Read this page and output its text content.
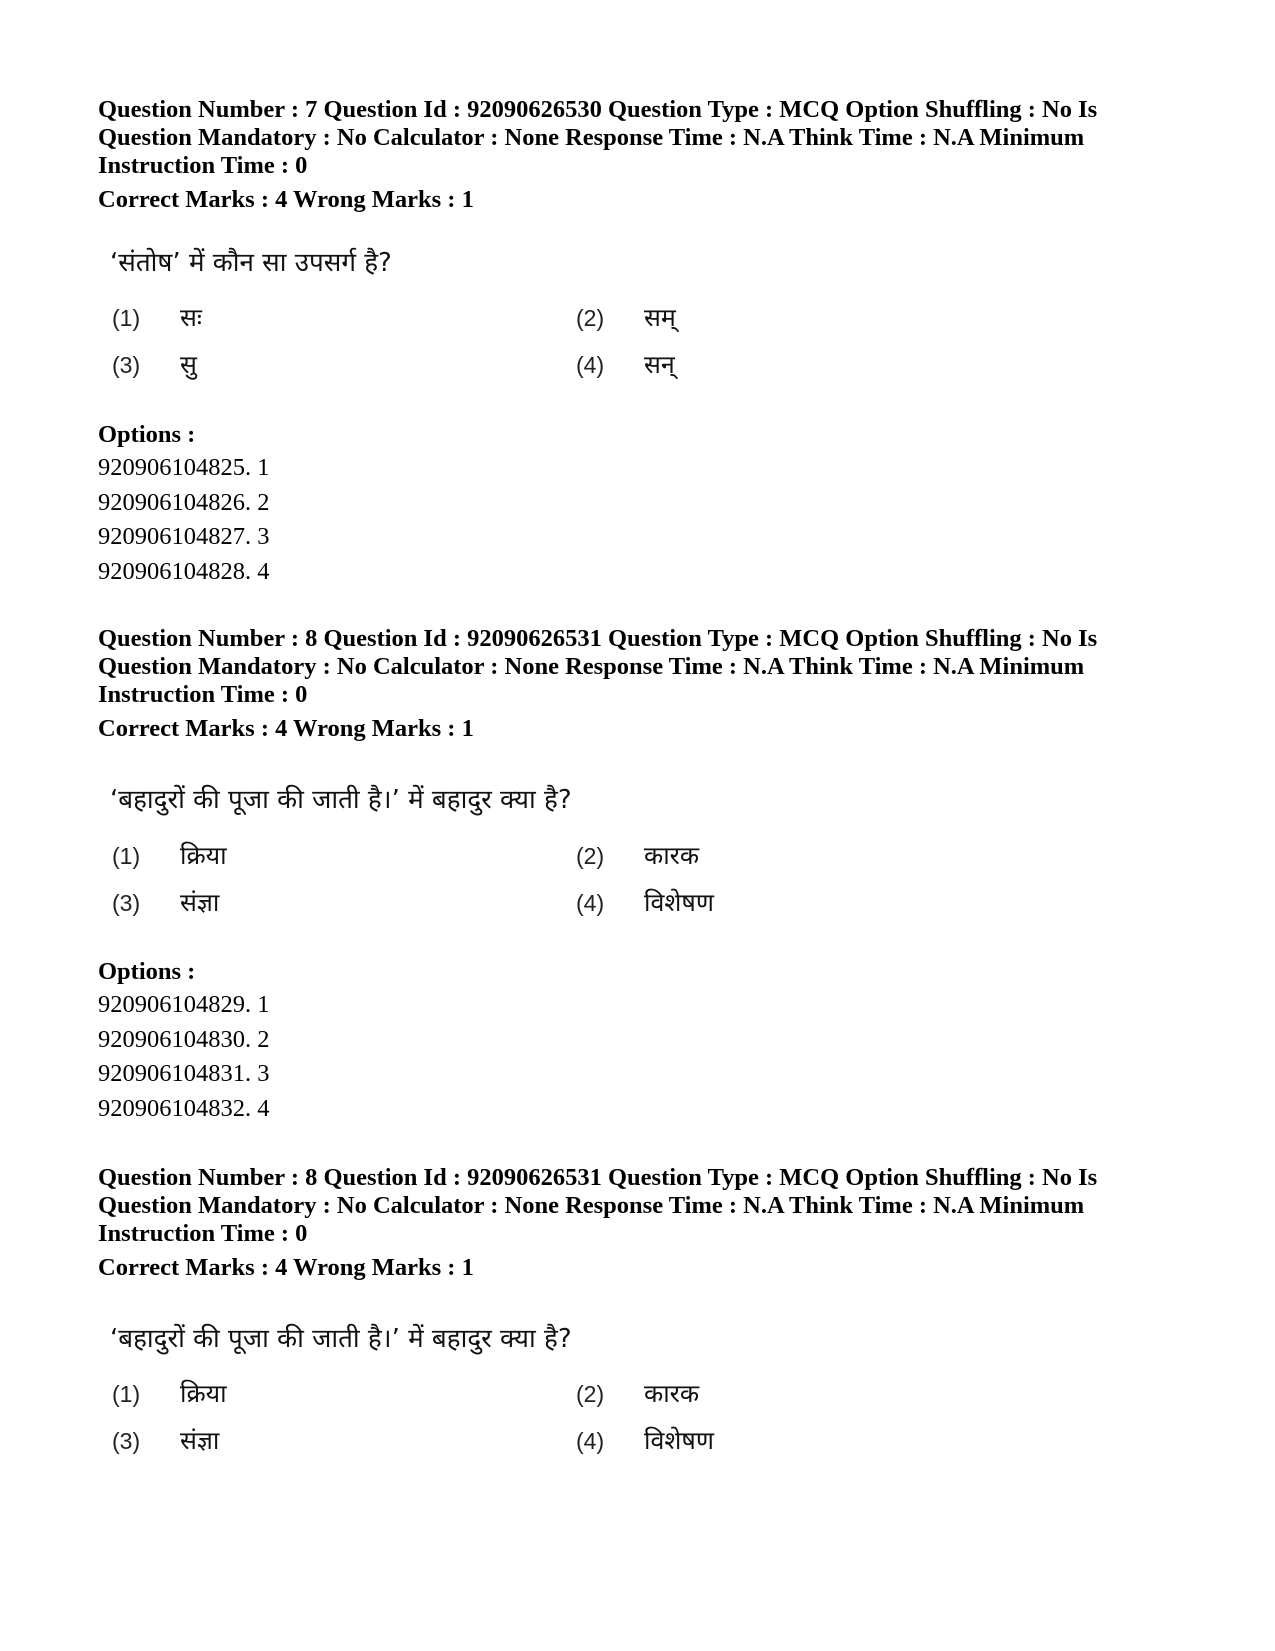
Question Number : 7 Question Id : 92090626530 Question Type : MCQ Option Shuffling : No Is

Question Mandatory : No Calculator : None Response Time : N.A Think Time : N.A Minimum

Instruction Time : 0

Correct Marks : 4 Wrong Marks : 1

‘संतोष’ में कौन सा उपसर्ग है?
(1) सः	(2) सम्
(3) सु	(4) सन्
Options :
920906104825. 1
920906104826. 2
920906104827. 3
920906104828. 4

Question Number : 8 Question Id : 92090626531 Question Type : MCQ Option Shuffling : No Is

Question Mandatory : No Calculator : None Response Time : N.A Think Time : N.A Minimum

Instruction Time : 0

Correct Marks : 4 Wrong Marks : 1

‘बहादुरों की पूजा की जाती है।’ में बहादुर क्या है?
(1) क्रिया	(2) कारक
(3) संज्ञा	(4) विशेषण
Options :
920906104829. 1
920906104830. 2
920906104831. 3
920906104832. 4

Question Number : 8 Question Id : 92090626531 Question Type : MCQ Option Shuffling : No Is

Question Mandatory : No Calculator : None Response Time : N.A Think Time : N.A Minimum

Instruction Time : 0

Correct Marks : 4 Wrong Marks : 1

‘बहादुरों की पूजा की जाती है।’ में बहादुर क्या है?
(1) क्रिया	(2) कारक
(3) संज्ञा	(4) विशेषण
